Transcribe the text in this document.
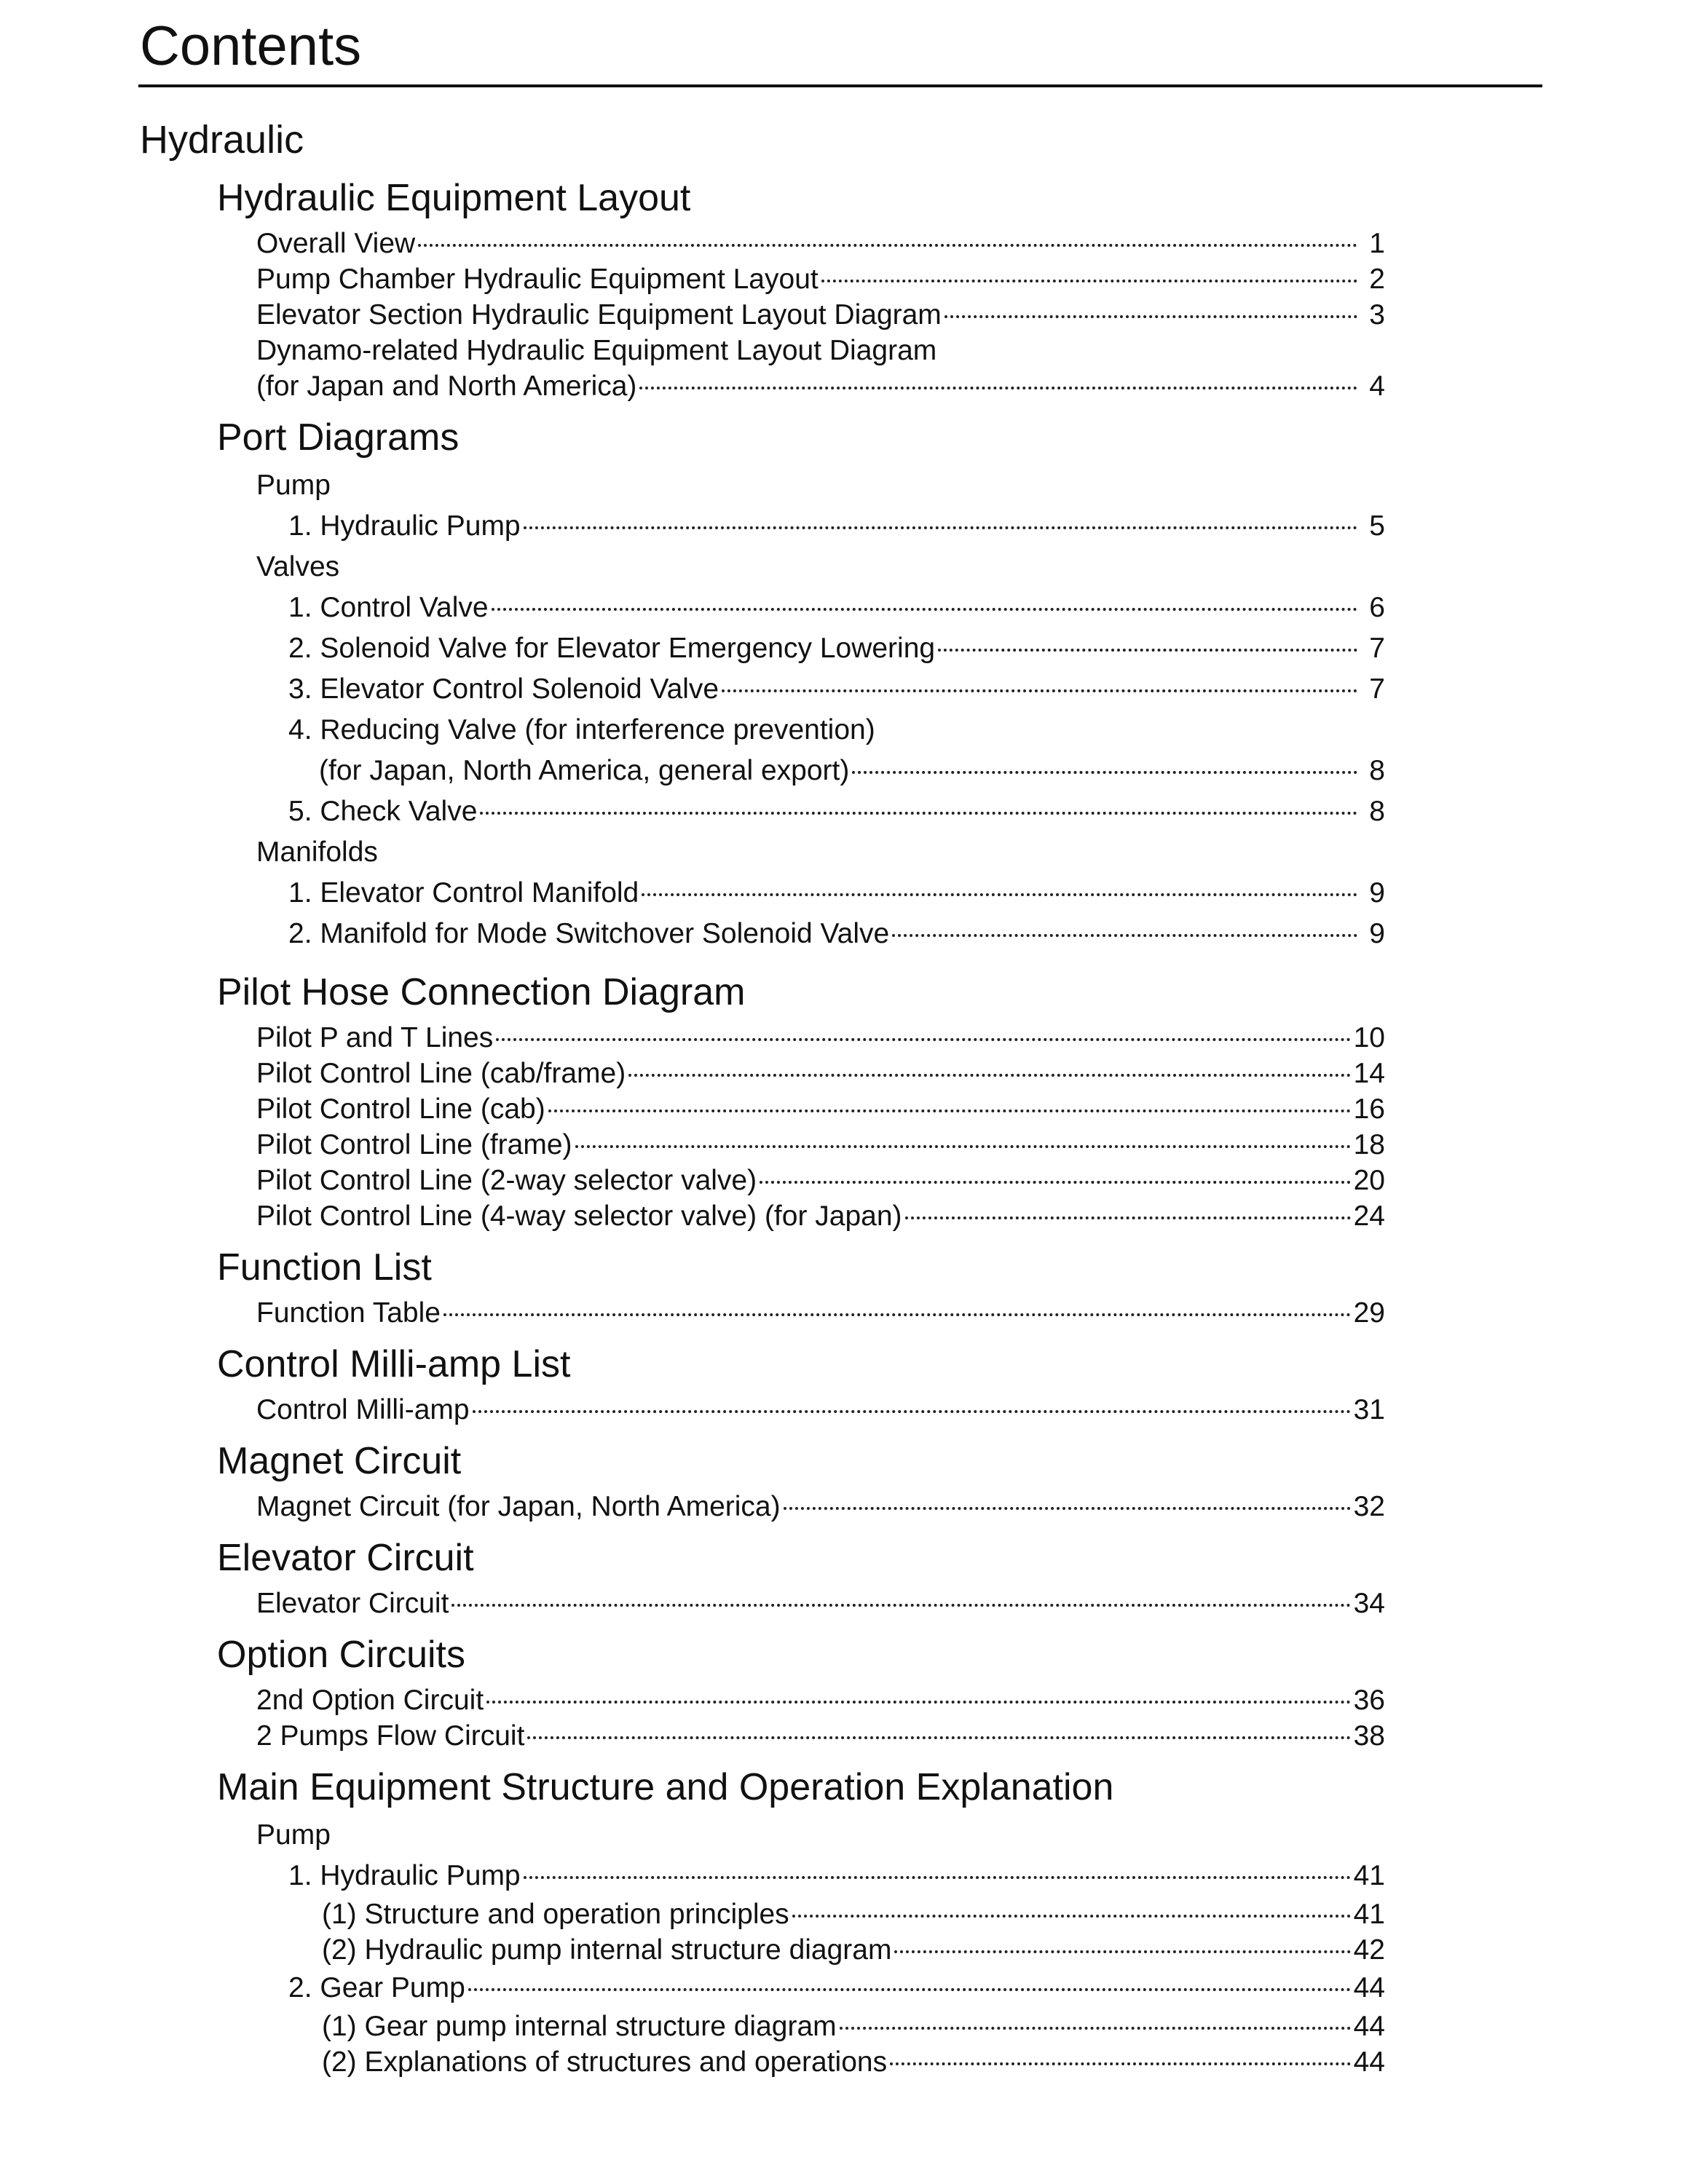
Contents
Hydraulic
Hydraulic Equipment Layout
Overall View	1
Pump Chamber Hydraulic Equipment Layout	2
Elevator Section Hydraulic Equipment Layout Diagram	3
Dynamo-related Hydraulic Equipment Layout Diagram
(for Japan and North America)	4
Port Diagrams
Pump
1. Hydraulic Pump	5
Valves
1. Control Valve	6
2. Solenoid Valve for Elevator Emergency Lowering	7
3. Elevator Control Solenoid Valve	7
4. Reducing Valve (for interference prevention)
(for Japan, North America, general export)	8
5. Check Valve	8
Manifolds
1. Elevator Control Manifold	9
2. Manifold for Mode Switchover Solenoid Valve	9
Pilot Hose Connection Diagram
Pilot P and T Lines	10
Pilot Control Line (cab/frame)	14
Pilot Control Line (cab)	16
Pilot Control Line (frame)	18
Pilot Control Line (2-way selector valve)	20
Pilot Control Line (4-way selector valve) (for Japan)	24
Function List
Function Table	29
Control Milli-amp List
Control Milli-amp	31
Magnet Circuit
Magnet Circuit (for Japan, North America)	32
Elevator Circuit
Elevator Circuit	34
Option Circuits
2nd Option Circuit	36
2 Pumps Flow Circuit	38
Main Equipment Structure and Operation Explanation
Pump
1. Hydraulic Pump	41
(1) Structure and operation principles	41
(2) Hydraulic pump internal structure diagram	42
2. Gear Pump	44
(1) Gear pump internal structure diagram	44
(2) Explanations of structures and operations	44
